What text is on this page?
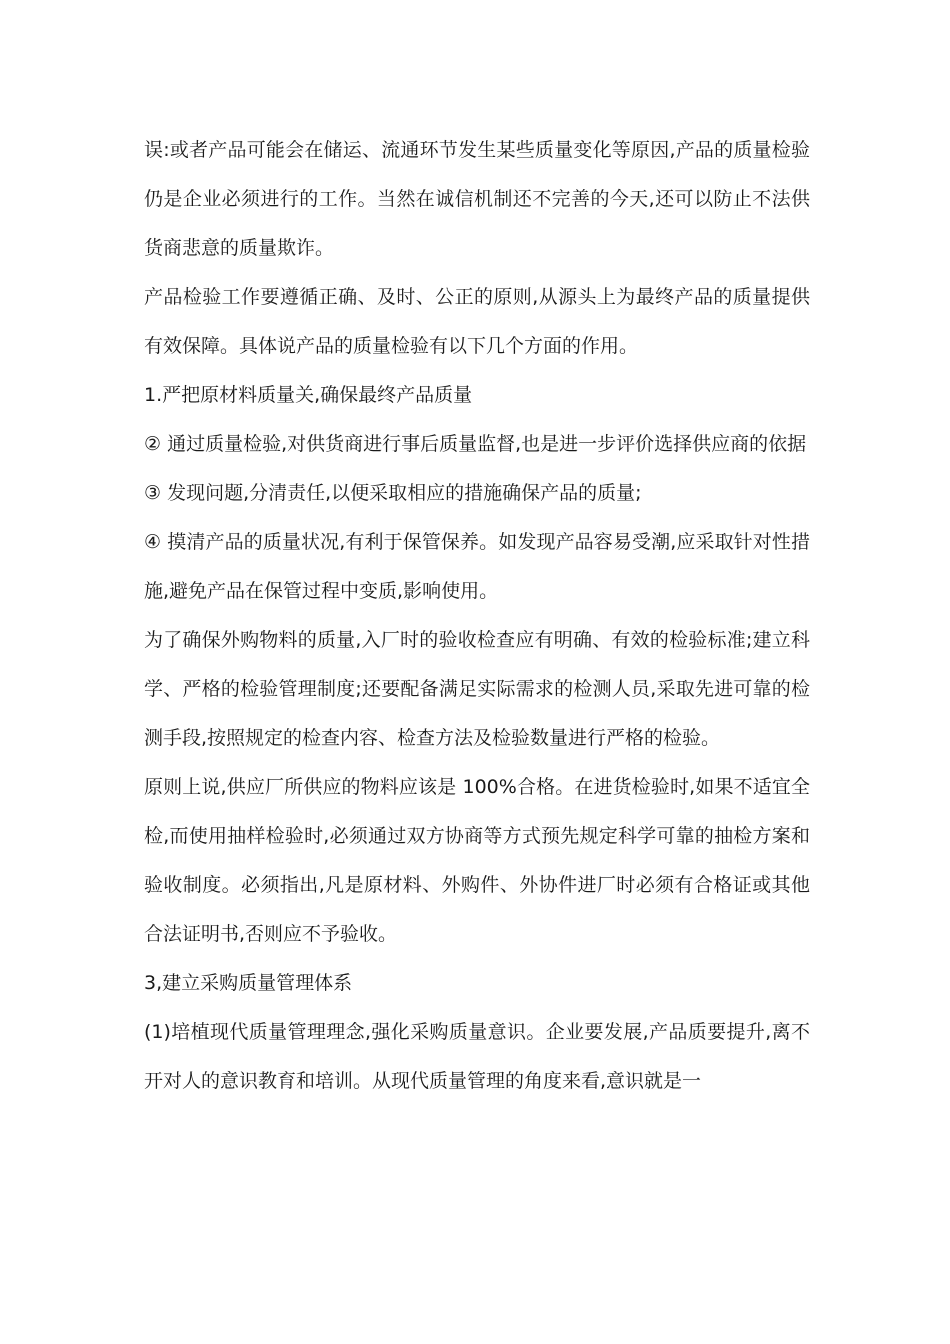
误:或者产品可能会在储运、流通环节发生某些质量变化等原因,产品的质量检验仍是企业必须进行的工作。当然在诚信机制还不完善的今天,还可以防止不法供货商悲意的质量欺诈。

产品检验工作要遵循正确、及时、公正的原则,从源头上为最终产品的质量提供有效保障。具体说产品的质量检验有以下几个方面的作用。

1.严把原材料质量关,确保最终产品质量

② 通过质量检验,对供货商进行事后质量监督,也是进一步评价选择供应商的依据

③ 发现问题,分清责任,以便采取相应的措施确保产品的质量;

④ 摸清产品的质量状况,有利于保管保养。如发现产品容易受潮,应采取针对性措施,避免产品在保管过程中变质,影响使用。

为了确保外购物料的质量,入厂时的验收检查应有明确、有效的检验标准;建立科学、严格的检验管理制度;还要配备满足实际需求的检测人员,采取先进可靠的检测手段,按照规定的检查内容、检查方法及检验数量进行严格的检验。

原则上说,供应厂所供应的物料应该是 100%合格。在进货检验时,如果不适宜全检,而使用抽样检验时,必须通过双方协商等方式预先规定科学可靠的抽检方案和验收制度。必须指出,凡是原材料、外购件、外协件进厂时必须有合格证或其他合法证明书,否则应不予验收。

3,建立采购质量管理体系

(1)培植现代质量管理理念,强化采购质量意识。企业要发展,产品质要提升,离不开对人的意识教育和培训。从现代质量管理的角度来看,意识就是一
